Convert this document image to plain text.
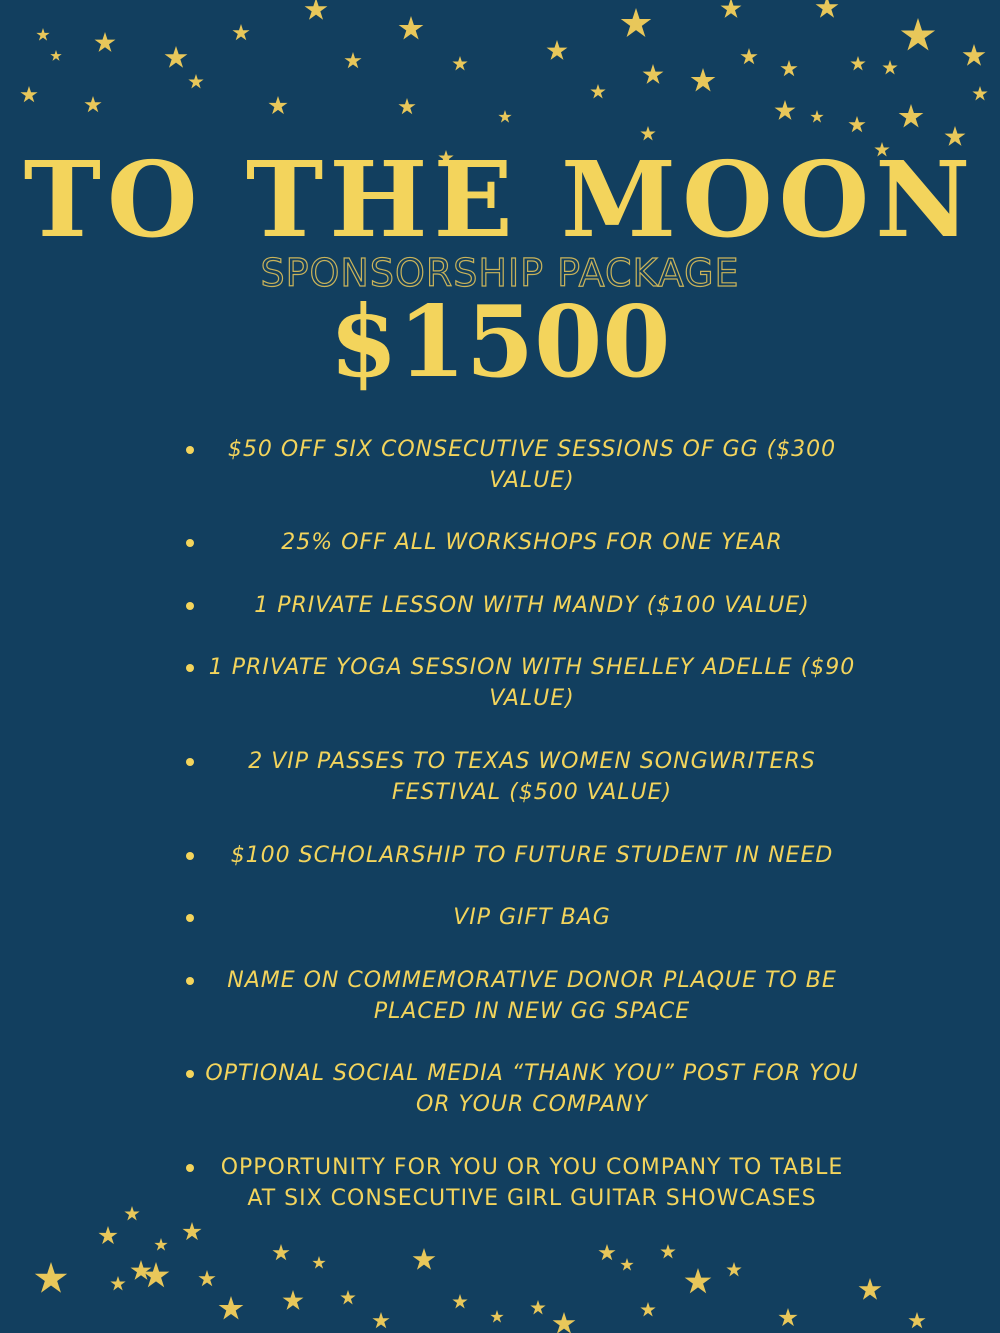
TO THE MOON
SPONSORSHIP PACKAGE
$1500
$50 OFF SIX CONSECUTIVE SESSIONS OF GG ($300 VALUE)
25% OFF ALL WORKSHOPS FOR ONE YEAR
1 PRIVATE LESSON WITH MANDY ($100 VALUE)
1 PRIVATE YOGA SESSION WITH SHELLEY ADELLE ($90 VALUE)
2 VIP PASSES TO TEXAS WOMEN SONGWRITERS FESTIVAL ($500 VALUE)
$100 SCHOLARSHIP TO FUTURE STUDENT IN NEED
VIP GIFT BAG
NAME ON COMMEMORATIVE DONOR PLAQUE TO BE PLACED IN NEW GG SPACE
OPTIONAL SOCIAL MEDIA “THANK YOU” POST FOR YOU OR YOUR COMPANY
OPPORTUNITY FOR YOU OR YOU COMPANY TO TABLE AT SIX CONSECUTIVE GIRL GUITAR SHOWCASES
